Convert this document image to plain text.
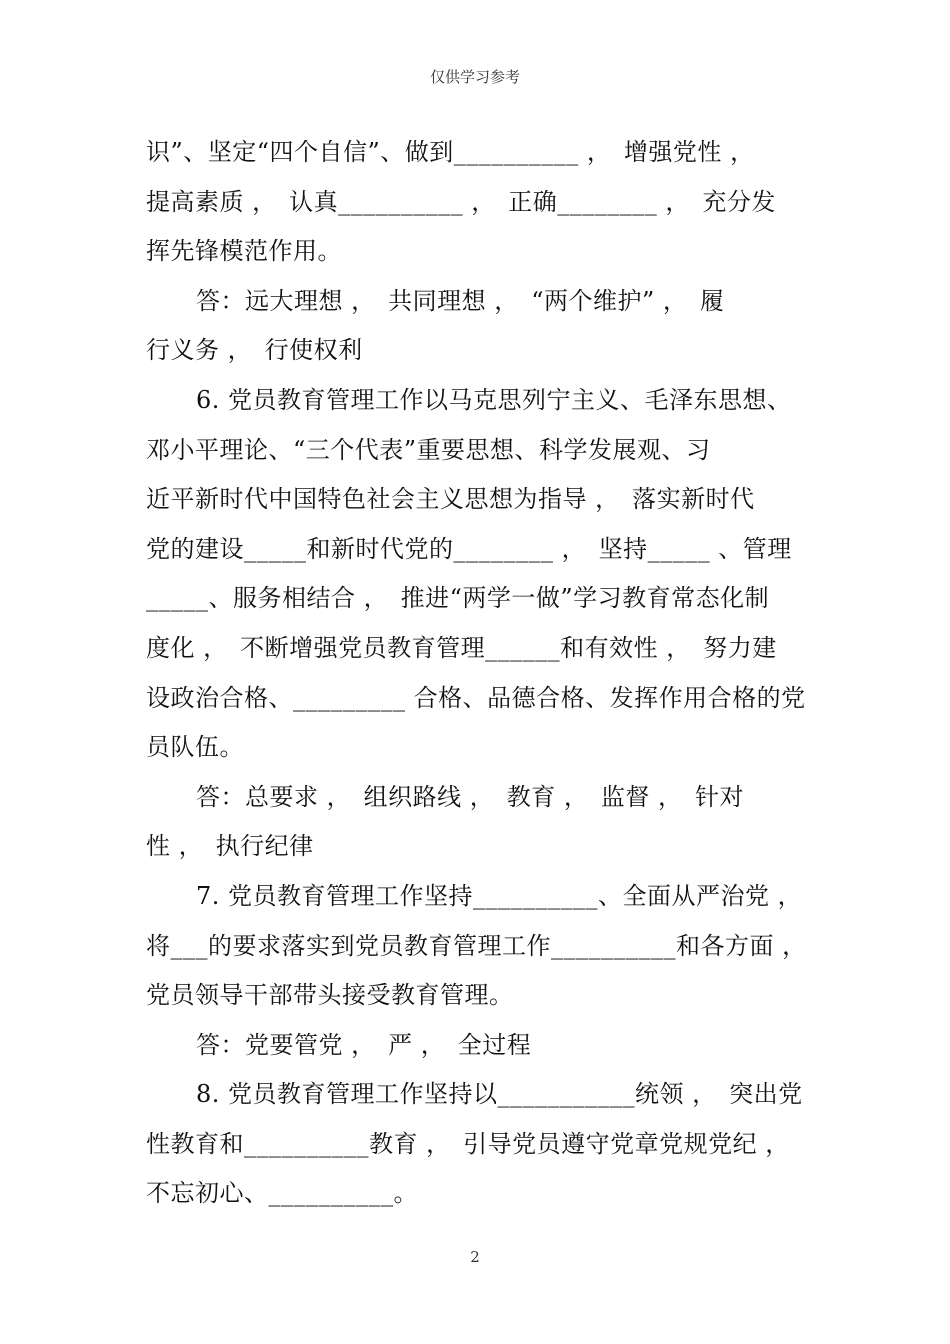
仅供学习参考
识”、坚定“四个自信”、做到__________ ，　增强党性 ，
提高素质 ，　认真__________ ，　正确________ ，　充分发
挥先锋模范作用。
答：远大理想 ，　共同理想 ，　“两个维护” ，　履
行义务 ，　行使权利
6. 党员教育管理工作以马克思列宁主义、毛泽东思想、
邓小平理论、“三个代表”重要思想、科学发展观、习
近平新时代中国特色社会主义思想为指导 ，　落实新时代
党的建设_____和新时代党的________ ，　坚持_____ 、管理
_____、服务相结合 ，　推进“两学一做”学习教育常态化制
度化 ，　不断增强党员教育管理______和有效性 ，　努力建
设政治合格、_________ 合格、品德合格、发挥作用合格的党
员队伍。
答：总要求 ，　组织路线 ，　教育 ，　监督 ，　针对
性 ，　执行纪律
7. 党员教育管理工作坚持__________、全面从严治党 ，
将___的要求落实到党员教育管理工作__________和各方面 ，
党员领导干部带头接受教育管理。
答：党要管党 ，　严 ，　全过程
8. 党员教育管理工作坚持以___________统领 ，　突出党
性教育和__________教育 ，　引导党员遵守党章党规党纪 ，
不忘初心、__________。
2
